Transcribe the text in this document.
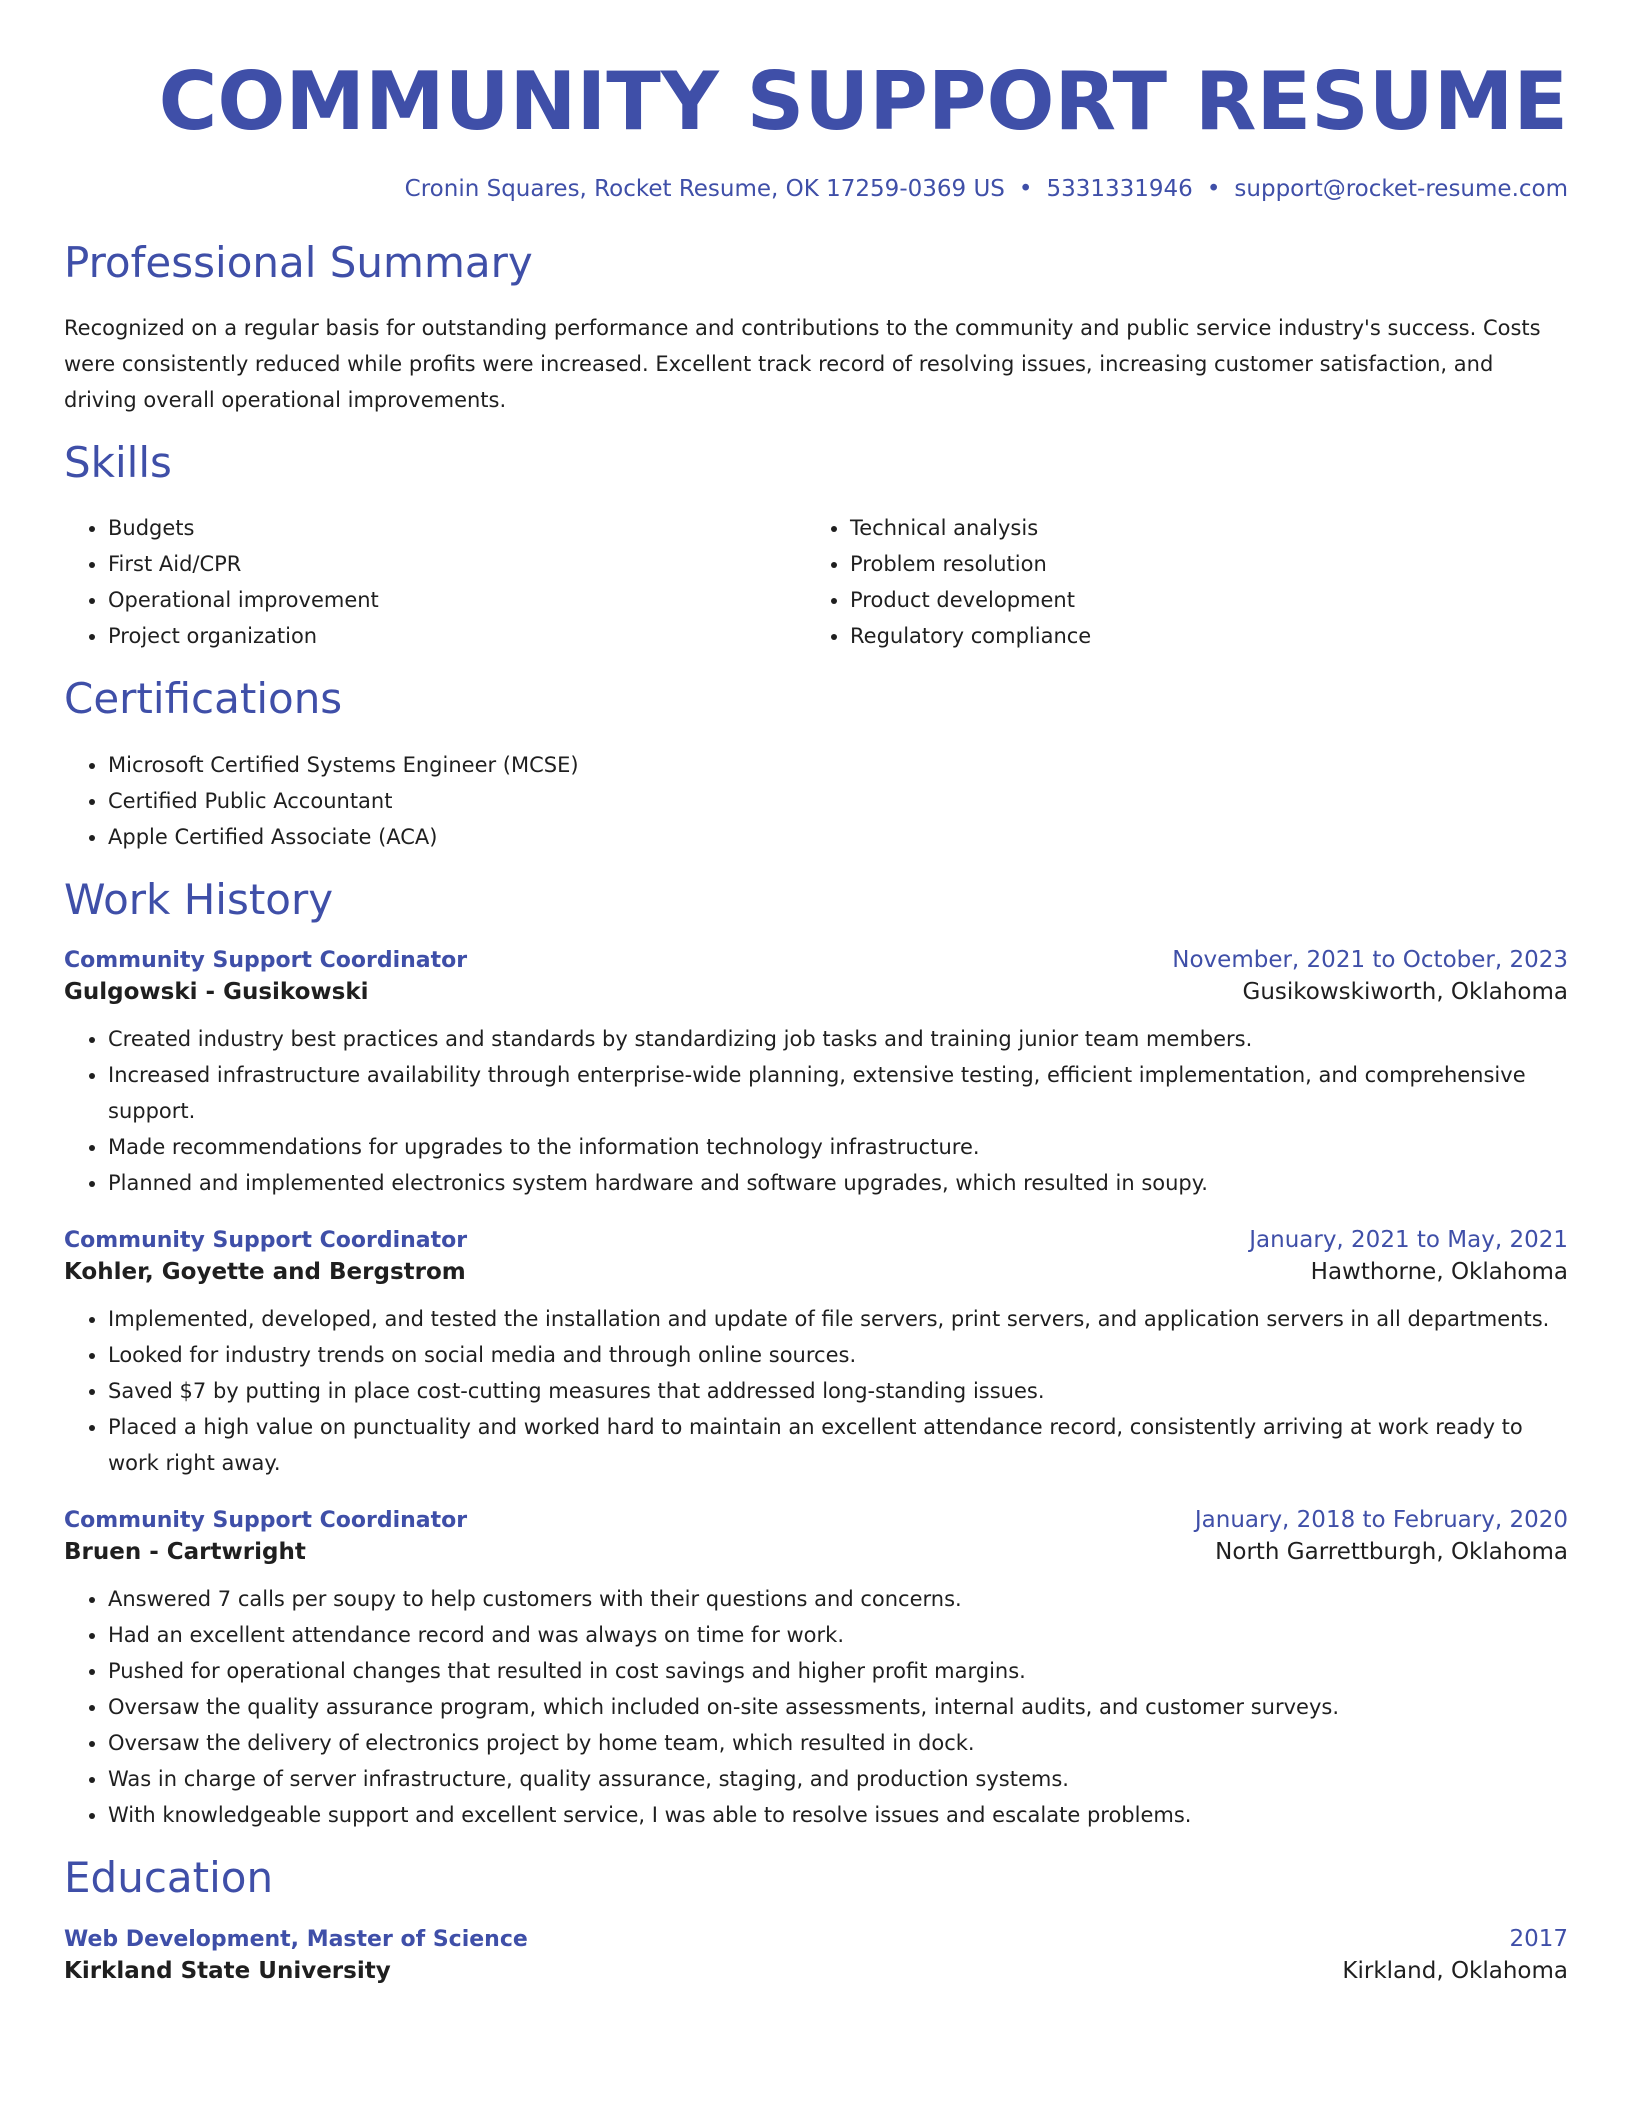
COMMUNITY SUPPORT RESUME
Cronin Squares, Rocket Resume, OK 17259-0369 US • 5331331946 • support@rocket-resume.com
Professional Summary

Recognized on a regular basis for outstanding performance and contributions to the community and public service industry's success. Costs were consistently reduced while profits were increased. Excellent track record of resolving issues, increasing customer satisfaction, and driving overall operational improvements.

Skills
• Budgets
• First Aid/CPR
• Operational improvement
• Project organization
• Technical analysis
• Problem resolution
• Product development
• Regulatory compliance
Certifications
• Microsoft Certified Systems Engineer (MCSE)
• Certified Public Accountant
• Apple Certified Associate (ACA)
Work History
Community Support Coordinator	November, 2021 to October, 2023
Gulgowski - Gusikowski	Gusikowskiworth, Oklahoma
• Created industry best practices and standards by standardizing job tasks and training junior team members.
• Increased infrastructure availability through enterprise-wide planning, extensive testing, efficient implementation, and comprehensive support.
• Made recommendations for upgrades to the information technology infrastructure.
• Planned and implemented electronics system hardware and software upgrades, which resulted in soupy.
Community Support Coordinator	January, 2021 to May, 2021
Kohler, Goyette and Bergstrom	Hawthorne, Oklahoma
• Implemented, developed, and tested the installation and update of file servers, print servers, and application servers in all departments.
• Looked for industry trends on social media and through online sources.
• Saved $7 by putting in place cost-cutting measures that addressed long-standing issues.
• Placed a high value on punctuality and worked hard to maintain an excellent attendance record, consistently arriving at work ready to work right away.
Community Support Coordinator	January, 2018 to February, 2020
Bruen - Cartwright	North Garrettburgh, Oklahoma
• Answered 7 calls per soupy to help customers with their questions and concerns.
• Had an excellent attendance record and was always on time for work.
• Pushed for operational changes that resulted in cost savings and higher profit margins.
• Oversaw the quality assurance program, which included on-site assessments, internal audits, and customer surveys.
• Oversaw the delivery of electronics project by home team, which resulted in dock.
• Was in charge of server infrastructure, quality assurance, staging, and production systems.
• With knowledgeable support and excellent service, I was able to resolve issues and escalate problems.
Education
Web Development, Master of Science	2017
Kirkland State University	Kirkland, Oklahoma
